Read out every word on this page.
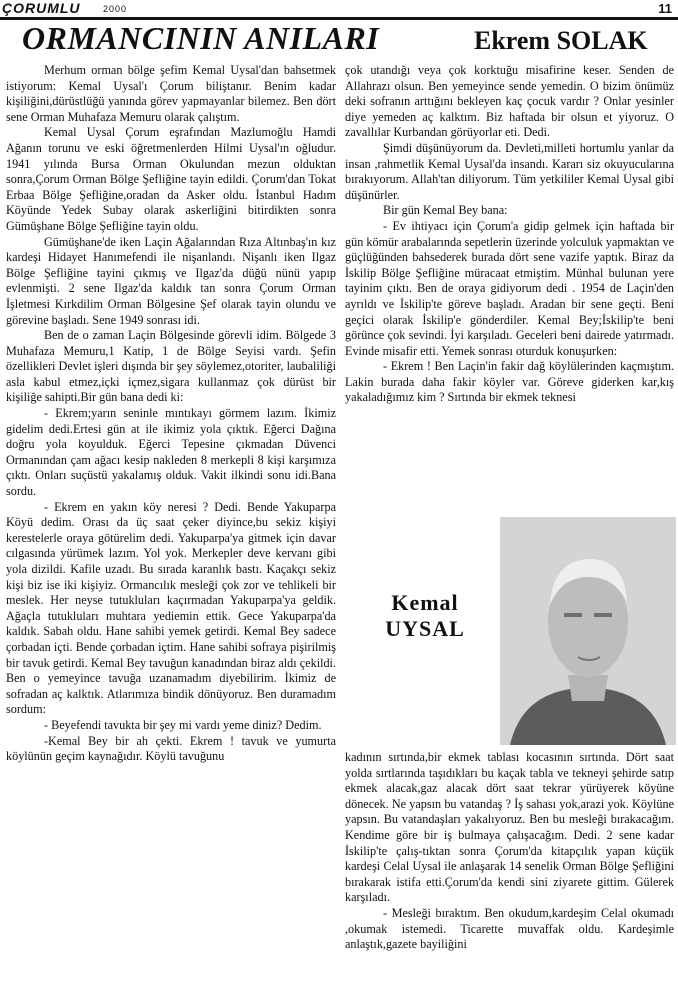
ÇORUMLU 2000	11
ORMANCININ ANILARI	Ekrem SOLAK

Merhum orman bölge şefim Kemal Uysal'dan bahsetmek istiyorum: Kemal Uysal'ı Çorum biliştanır. Benim kadar kişiliğini,dürüstlüğü yanında görev yapmayanlar bilemez. Ben dört sene Orman Muhafaza Memuru olarak çalıştım.

Kemal Uysal Çorum eşrafından Mazlumoğlu Hamdi Ağanın torunu ve eski öğretmenlerden Hilmi Uysal'ın oğludur. 1941 yılında Bursa Orman Okulundan mezun olduktan sonra,Çorum Orman Bölge Şefliğine tayin edildi. Çorum'dan Tokat Erbaa Bölge Şefliğine,oradan da Asker oldu. İstanbul Hadım Köyünde Yedek Subay olarak askerliğini bitirdikten sonra Gümüşhane Bölge Şefliğine tayin oldu.

Gümüşhane'de iken Laçin Ağalarından Rıza Altınbaş'ın kız kardeşi Hidayet Hanımefendi ile nişanlandı. Nişanlı iken Ilgaz Bölge Şefliğine tayini çıkmış ve Ilgaz'da düğü nünü yapıp evlenmişti. 2 sene Ilgaz'da kaldık tan sonra Çorum Orman İşletmesi Kırkdilim Orman Bölgesine Şef olarak tayin olundu ve görevine başladı. Sene 1949 sonrası idi.

Ben de o zaman Laçin Bölgesinde görevli idim. Bölgede 3 Muhafaza Memuru,1 Katip, 1 de Bölge Seyisi vardı. Şefin özellikleri Devlet işleri dışında bir şey söylemez,otoriter, laubaliliği asla kabul etmez,içki içmez,sigara kullanmaz çok dürüst bir kişiliğe sahipti.Bir gün bana dedi ki:

- Ekrem;yarın seninle mıntıkayı görmem lazım. İkimiz gidelim dedi.Ertesi gün at ile ikimiz yola çıktık. Eğerci Dağına doğru yola koyulduk. Eğerci Tepesine çıkmadan Düvenci Ormanından çam ağacı kesip nakleden 8 merkepli 8 kişi karşımıza çıktı. Onları suçüstü yakalamış olduk. Vakit ilkindi sonu idi.Bana sordu.

- Ekrem en yakın köy neresi ? Dedi. Bende Yakuparpa Köyü dedim. Orası da üç saat çeker diyince,bu sekiz kişiyi kerestelerle oraya götürelim dedi. Yakuparpa'ya gitmek için davar cılgasında yürümek lazım. Yol yok. Merkepler deve kervanı gibi yola dizildi. Kafile uzadı. Bu sırada karanlık bastı. Kaçakçı sekiz kişi biz ise iki kişiyiz. Ormancılık mesleği çok zor ve tehlikeli bir meslek. Her neyse tutukluları kaçırmadan Yakuparpa'ya geldik. Ağaçla tutukluları muhtara yediemin ettik. Gece Yakuparpa'da kaldık. Sabah oldu. Hane sahibi yemek getirdi. Kemal Bey sadece çorbadan içti. Bende çorbadan içtim. Hane sahibi sofraya pişirilmiş bir tavuk getirdi. Kemal Bey tavuğun kanadından biraz aldı çekildi. Ben o yemeyince tavuğa uzanamadım diyebilirim. İkimiz de sofradan aç kalktık. Atlarımıza bindik dönüyoruz. Ben duramadım sordum:

- Beyefendi tavukta bir şey mi vardı yeme diniz? Dedim.

-Kemal Bey bir ah çekti. Ekrem ! tavuk ve yumurta köylünün geçim kaynağıdır. Köylü tavuğunu

çok utandığı veya çok korktuğu misafirine keser. Senden de Allahrazı olsun. Ben yemeyince sende yemedin. O bizim önümüz deki sofranın arttığını bekleyen kaç çocuk vardır ? Onlar yesinler diye yemeden aç kalktım. Biz haftada bir olsun et yiyoruz. O zavallılar Kurbandan görüyorlar eti. Dedi.

Şimdi düşünüyorum da. Devleti,milleti hortumlu yanlar da insan ,rahmetlik Kemal Uysal'da insandı. Kararı siz okuyucularına bırakıyorum. Allah'tan diliyorum. Tüm yetkililer Kemal Uysal gibi düşünürler.

Bir gün Kemal Bey bana:

- Ev ihtiyacı için Çorum'a gidip gelmek için haftada bir gün kömür arabalarında sepetlerin üzerinde yolculuk yapmaktan ve güçlüğünden bahsederek burada dört sene vazife yaptık. Biraz da İskilip Bölge Şefliğine müracaat etmiştim. Münhal bulunan yere tayinim çıktı. Ben de oraya gidiyorum dedi . 1954 de Laçin'den ayrıldı ve İskilip'te göreve başladı. Aradan bir sene geçti. Beni geçici olarak İskilip'e gönderdiler. Kemal Bey;İskilip'te beni görünce çok sevindi. İyi karşıladı. Geceleri beni dairede yatırmadı. Evinde misafir etti. Yemek sonrası oturduk konuşurken:

- Ekrem ! Ben Laçin'in fakir dağ köylülerinden kaçmıştım. Lakin burada daha fakir köyler var. Göreve giderken kar,kış yakaladığımız kim ? Sırtında bir ekmek teknesi

Kemal
UYSAL

kadının sırtında,bir ekmek tablası kocasının sırtında. Dört saat yolda sırtlarında taşıdıkları bu kaçak tabla ve tekneyi şehirde satıp ekmek alacak,gaz alacak dört saat tekrar yürüyerek köyüne dönecek. Ne yapsın bu vatandaş ? İş sahası yok,arazi yok. Köylüne yapsın. Bu vatandaşları yakalıyoruz. Ben bu mesleği bırakacağım. Kendime göre bir iş bulmaya çalışacağım. Dedi. 2 sene kadar İskilip'te çalış-tıktan sonra Çorum'da kitapçılık yapan küçük kardeşi Celal Uysal ile anlaşarak 14 senelik Orman Bölge Şefliğini bırakarak istifa etti.Çorum'da kendi sini ziyarete gittim. Gülerek karşıladı.

- Mesleği bıraktım. Ben okudum,kardeşim Celal okumadı ,okumak istemedi. Ticarette muvaffak oldu. Kardeşimle anlaştık,gazete bayiliğini
